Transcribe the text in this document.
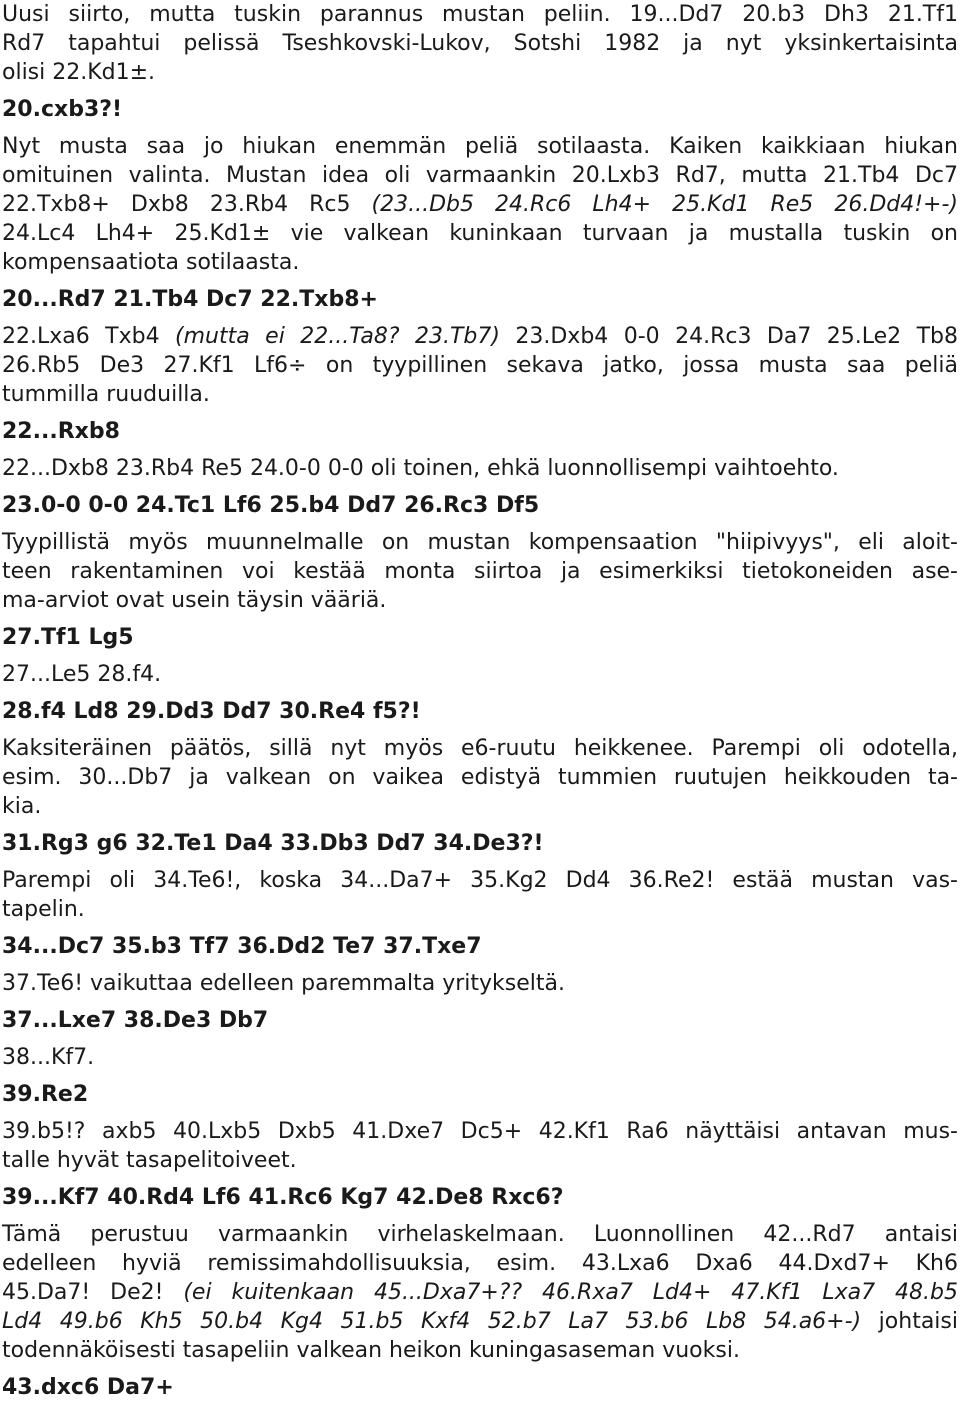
Uusi siirto, mutta tuskin parannus mustan peliin. 19...Dd7 20.b3 Dh3 21.Tf1
Rd7 tapahtui pelissä Tseshkovski-Lukov, Sotshi 1982 ja nyt yksinkertaisinta
olisi 22.Kd1±.
20.cxb3?!
Nyt musta saa jo hiukan enemmän peliä sotilaasta. Kaiken kaikkiaan hiukan
omituinen valinta. Mustan idea oli varmaankin 20.Lxb3 Rd7, mutta 21.Tb4 Dc7
22.Txb8+ Dxb8 23.Rb4 Rc5 (23...Db5 24.Rc6 Lh4+ 25.Kd1 Re5 26.Dd4!+-)
24.Lc4 Lh4+ 25.Kd1± vie valkean kuninkaan turvaan ja mustalla tuskin on
kompensaatiota sotilaasta.
20...Rd7 21.Tb4 Dc7 22.Txb8+
22.Lxa6 Txb4 (mutta ei 22...Ta8? 23.Tb7) 23.Dxb4 0-0 24.Rc3 Da7 25.Le2 Tb8
26.Rb5 De3 27.Kf1 Lf6÷ on tyypillinen sekava jatko, jossa musta saa peliä
tummilla ruuduilla.
22...Rxb8
22...Dxb8 23.Rb4 Re5 24.0-0 0-0 oli toinen, ehkä luonnollisempi vaihtoehto.
23.0-0 0-0 24.Tc1 Lf6 25.b4 Dd7 26.Rc3 Df5
Tyypillistä myös muunnelmalle on mustan kompensaation "hiipivyys", eli aloit-
teen rakentaminen voi kestää monta siirtoa ja esimerkiksi tietokoneiden ase-
ma-arviot ovat usein täysin vääriä.
27.Tf1 Lg5
27...Le5 28.f4.
28.f4 Ld8 29.Dd3 Dd7 30.Re4 f5?!
Kaksiteräinen päätös, sillä nyt myös e6-ruutu heikkenee. Parempi oli odotella,
esim. 30...Db7 ja valkean on vaikea edistyä tummien ruutujen heikkouden ta-
kia.
31.Rg3 g6 32.Te1 Da4 33.Db3 Dd7 34.De3?!
Parempi oli 34.Te6!, koska 34...Da7+ 35.Kg2 Dd4 36.Re2! estää mustan vas-
tapelin.
34...Dc7 35.b3 Tf7 36.Dd2 Te7 37.Txe7
37.Te6! vaikuttaa edelleen paremmalta yritykseltä.
37...Lxe7 38.De3 Db7
38...Kf7.
39.Re2
39.b5!? axb5 40.Lxb5 Dxb5 41.Dxe7 Dc5+ 42.Kf1 Ra6 näyttäisi antavan mus-
talle hyvät tasapelitoiveet.
39...Kf7 40.Rd4 Lf6 41.Rc6 Kg7 42.De8 Rxc6?
Tämä perustuu varmaankin virhelaskelmaan. Luonnollinen 42...Rd7 antaisi
edelleen hyviä remissimahdollisuuksia, esim. 43.Lxa6 Dxa6 44.Dxd7+ Kh6
45.Da7! De2! (ei kuitenkaan 45...Dxa7+?? 46.Rxa7 Ld4+ 47.Kf1 Lxa7 48.b5
Ld4 49.b6 Kh5 50.b4 Kg4 51.b5 Kxf4 52.b7 La7 53.b6 Lb8 54.a6+-) johtaisi
todennäköisesti tasapeliin valkean heikon kuningasaseman vuoksi.
43.dxc6 Da7+
